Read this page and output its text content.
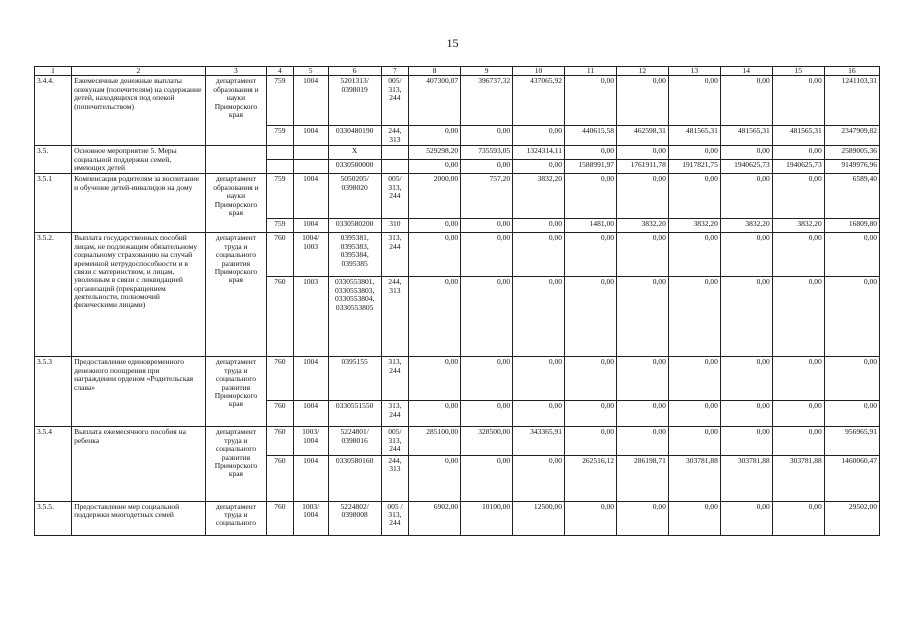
15
1	2	3	4	5	6	7	8	9	10	11	12	13	14	15	16
3.4.4.	Ежемесячные денежные выплаты опекунам (попечителям) на содержание детей, находящихся под опекой (попечительством)	департамент образования и науки Приморского края	759	1004	5201313/ 0398019	005/ 313, 244	407300,07	396737,32	437065,92	0,00	0,00	0,00	0,00	0,00	1241103,31
			759	1004	0330480190	244, 313	0,00	0,00	0,00	440615,58	462598,31	481565,31	481565,31	481565,31	2347909,82
3.5.	Основное мероприятие 5. Меры социальной поддержки семей, имеющих детей				X		529298,20	735593,05	1324314,11	0,00	0,00	0,00	0,00	0,00	2589005,36
					0330500000		0,00	0,00	0,00	1588991,97	1761911,78	1917821,75	1940625,73	1940625,73	9149976,96
3.5.1	Компенсация родителям за воспитание и обучение детей-инвалидов на дому	департамент образования и науки Приморского края	759	1004	5050205/ 0398020	005/ 313, 244	2000,00	757,20	3832,20	0,00	0,00	0,00	0,00	0,00	6589,40
			759	1004	0330580200	310	0,00	0,00	0,00	1481,00	3832,20	3832,20	3832,20	3832,20	16809,80
3.5.2.	Выплата государственных пособий лицам, не подлежащим обязательному социальному страхованию на случай временной нетрудоспособности и в связи с материнством, и лицам, уволенным в связи с ликвидацией организаций (прекращением деятельности, полномочий физическими лицами)	департамент труда и социального развития Приморского края	760	1004/ 1003	0395381, 0395383, 0395384, 0395385	313, 244	0,00	0,00	0,00	0,00	0,00	0,00	0,00	0,00	0,00
			760	1003	0330553801, 0330553803, 0330553804, 0330553805	244, 313	0,00	0,00	0,00	0,00	0,00	0,00	0,00	0,00	0,00
3.5.3	Предоставление единовременного денежного поощрения при награждении орденом «Родительская слава»	департамент труда и социального развития Приморского края	760	1004	0395155	313, 244	0,00	0,00	0,00	0,00	0,00	0,00	0,00	0,00	0,00
			760	1004	0330551550	313, 244	0,00	0,00	0,00	0,00	0,00	0,00	0,00	0,00	0,00
3.5.4	Выплата ежемесячного пособия на ребенка	департамент труда и социального развития Приморского края	760	1003/ 1004	5224801/ 0398016	005/ 313, 244	285100,00	328500,00	343365,91	0,00	0,00	0,00	0,00	0,00	956965,91
			760	1004	0330580160	244, 313	0,00	0,00	0,00	262516,12	286198,71	303781,88	303781,88	303781,88	1460060,47
3.5.5.	Предоставление мер социальной поддержки многодетных семей	департамент труда и социального	760	1003/ 1004	5224802/ 0398008	005 / 313, 244	6902,00	10100,00	12500,00	0,00	0,00	0,00	0,00	0,00	29502,00
